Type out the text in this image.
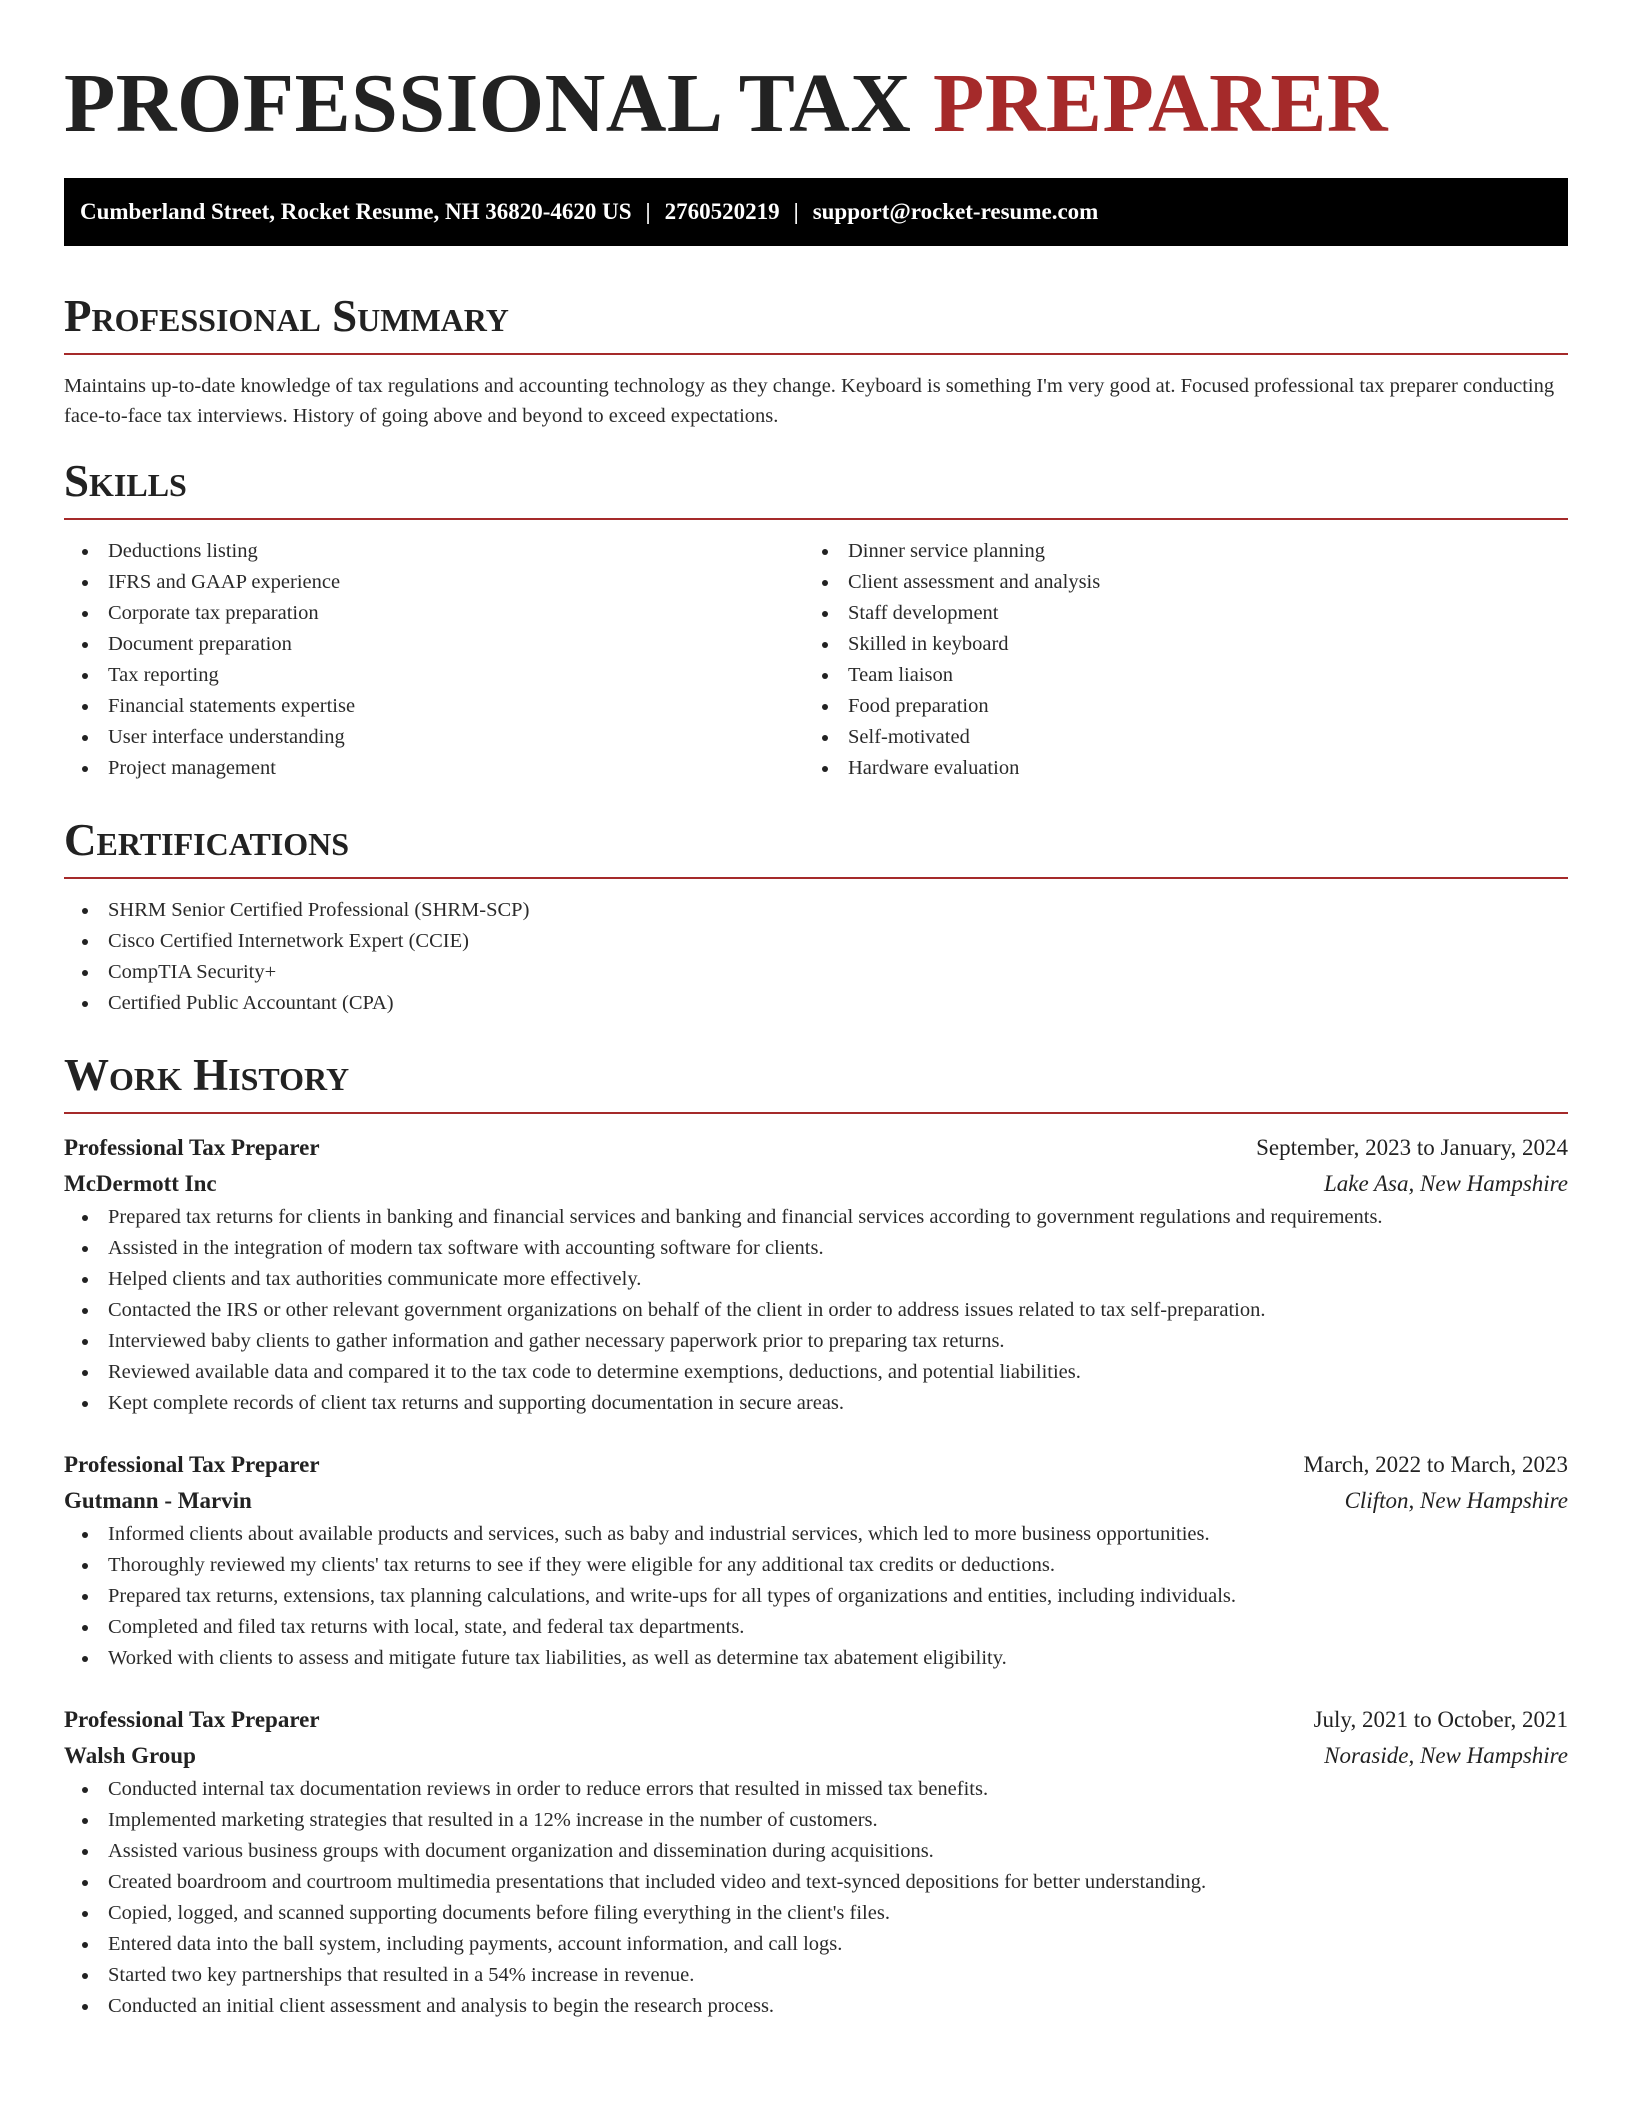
PROFESSIONAL TAX PREPARER
Cumberland Street, Rocket Resume, NH 36820-4620 US | 2760520219 | support@rocket-resume.com
Professional Summary

Maintains up-to-date knowledge of tax regulations and accounting technology as they change. Keyboard is something I'm very good at. Focused professional tax preparer conducting face-to-face tax interviews. History of going above and beyond to exceed expectations.

Skills
Deductions listing
IFRS and GAAP experience
Corporate tax preparation
Document preparation
Tax reporting
Financial statements expertise
User interface understanding
Project management
Dinner service planning
Client assessment and analysis
Staff development
Skilled in keyboard
Team liaison
Food preparation
Self-motivated
Hardware evaluation
Certifications
SHRM Senior Certified Professional (SHRM-SCP)
Cisco Certified Internetwork Expert (CCIE)
CompTIA Security+
Certified Public Accountant (CPA)
Work History
Professional Tax Preparer	September, 2023 to January, 2024
McDermott Inc	Lake Asa, New Hampshire
Prepared tax returns for clients in banking and financial services and banking and financial services according to government regulations and requirements.
Assisted in the integration of modern tax software with accounting software for clients.
Helped clients and tax authorities communicate more effectively.
Contacted the IRS or other relevant government organizations on behalf of the client in order to address issues related to tax self-preparation.
Interviewed baby clients to gather information and gather necessary paperwork prior to preparing tax returns.
Reviewed available data and compared it to the tax code to determine exemptions, deductions, and potential liabilities.
Kept complete records of client tax returns and supporting documentation in secure areas.
Professional Tax Preparer	March, 2022 to March, 2023
Gutmann - Marvin	Clifton, New Hampshire
Informed clients about available products and services, such as baby and industrial services, which led to more business opportunities.
Thoroughly reviewed my clients' tax returns to see if they were eligible for any additional tax credits or deductions.
Prepared tax returns, extensions, tax planning calculations, and write-ups for all types of organizations and entities, including individuals.
Completed and filed tax returns with local, state, and federal tax departments.
Worked with clients to assess and mitigate future tax liabilities, as well as determine tax abatement eligibility.
Professional Tax Preparer	July, 2021 to October, 2021
Walsh Group	Noraside, New Hampshire
Conducted internal tax documentation reviews in order to reduce errors that resulted in missed tax benefits.
Implemented marketing strategies that resulted in a 12% increase in the number of customers.
Assisted various business groups with document organization and dissemination during acquisitions.
Created boardroom and courtroom multimedia presentations that included video and text-synced depositions for better understanding.
Copied, logged, and scanned supporting documents before filing everything in the client's files.
Entered data into the ball system, including payments, account information, and call logs.
Started two key partnerships that resulted in a 54% increase in revenue.
Conducted an initial client assessment and analysis to begin the research process.
